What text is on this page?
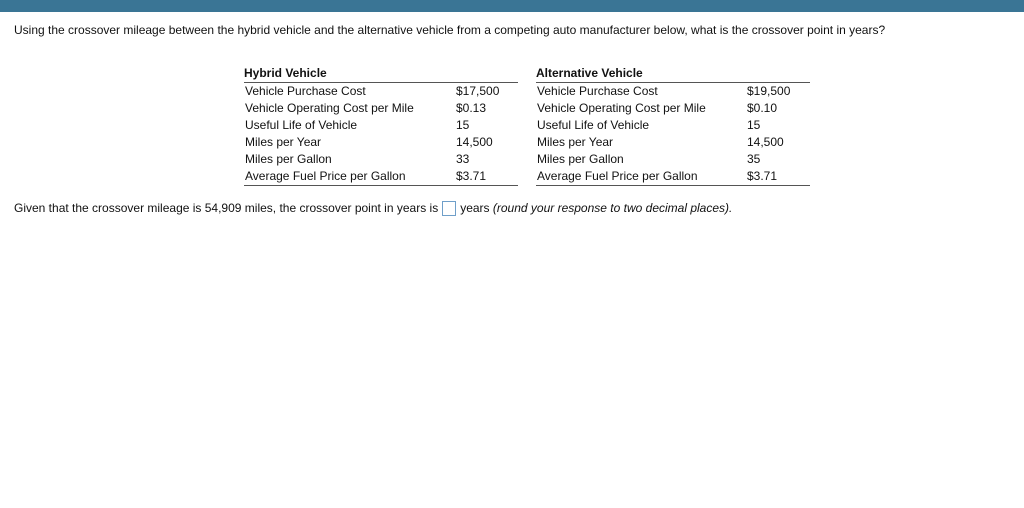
Using the crossover mileage between the hybrid vehicle and the alternative vehicle from a competing auto manufacturer below, what is the crossover point in years?
Hybrid Vehicle
Vehicle Purchase Cost	$17,500
Vehicle Operating Cost per Mile	$0.13
Useful Life of Vehicle	15
Miles per Year	14,500
Miles per Gallon	33
Average Fuel Price per Gallon	$3.71
Alternative Vehicle
Vehicle Purchase Cost	$19,500
Vehicle Operating Cost per Mile	$0.10
Useful Life of Vehicle	15
Miles per Year	14,500
Miles per Gallon	35
Average Fuel Price per Gallon	$3.71
Given that the crossover mileage is 54,909 miles, the crossover point in years is years
(round your response to two decimal places).
